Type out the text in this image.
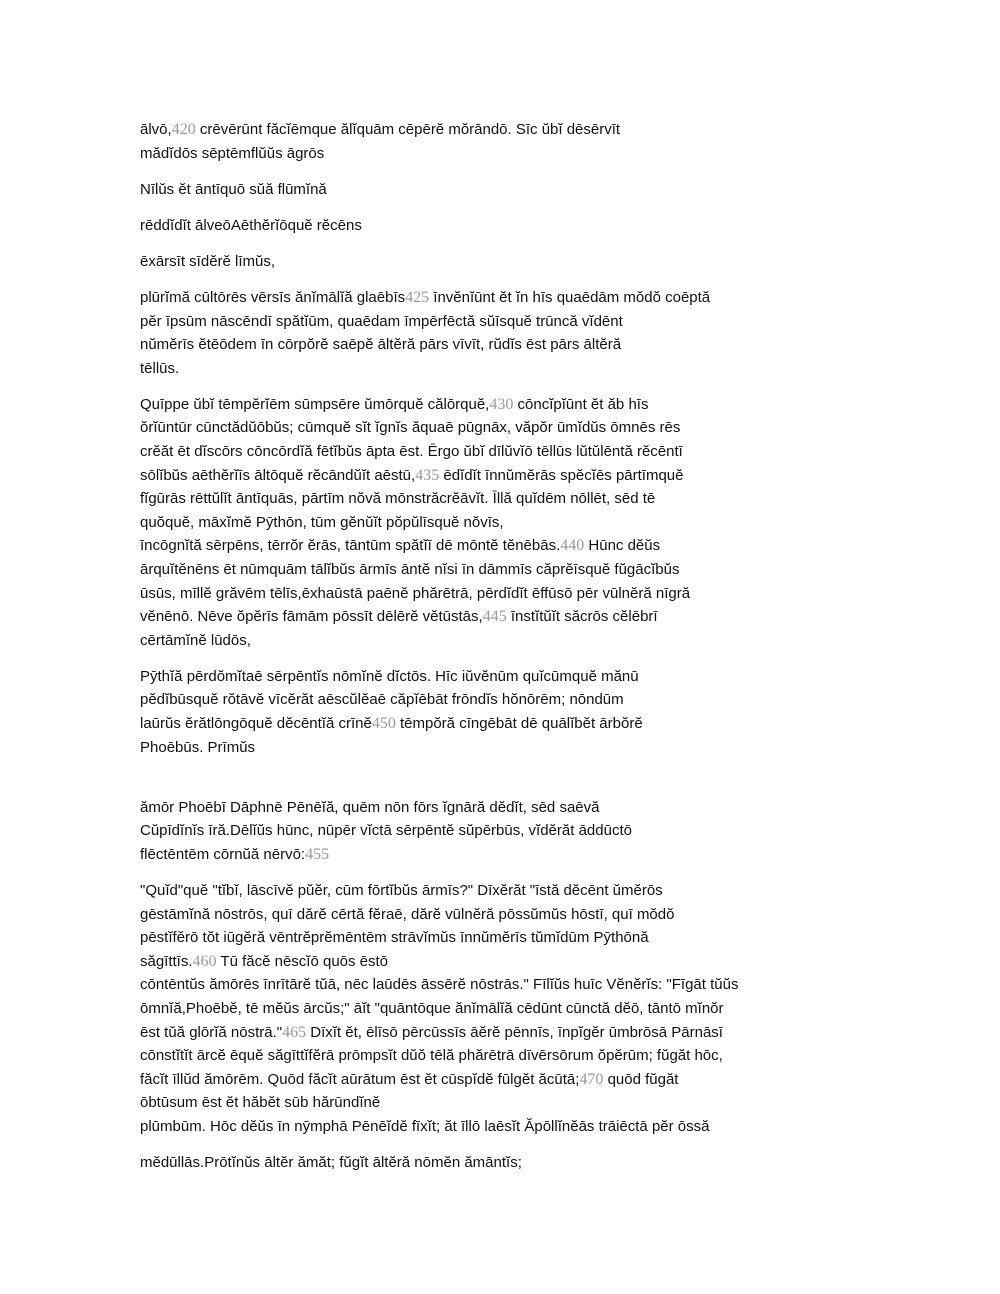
ālvō,420 crēvērūnt făcĭēmque ălĭquām cēpērĕ mŏrāndō. Sīc ŭbĭ dēsērvīt
mădĭdōs sēptēmflŭŭs āgrōs
Nīlŭs ĕt āntīquō sŭă flūmĭnă
rēddĭdĭt ālveōAēthĕrĭōquĕ rĕcēns
ēxārsīt sīdĕrĕ līmŭs,
plūrĭmă cūltōrēs vērsīs ănĭmālĭă glaēbīs425 īnvĕnĭūnt ĕt ĭn hīs quaēdām mŏdŏ coēptă
pĕr īpsūm nāscēndī spătĭūm, quaēdam īmpērfēctă sŭīsquĕ trūncă vĭdēnt
nŭmĕrīs ĕtēōdem īn cōrpŏrĕ saēpĕ āltĕră pārs vīvīt, rŭdĭs ēst pārs āltĕră
tēllūs.
Quīppe ŭbĭ tēmpĕrĭēm sūmpsēre ŭmōrquĕ călōrquĕ,430 cōncĭpĭūnt ĕt ăb hīs
ŏrĭūntūr cūnctădŭōbŭs; cūmquĕ sĭt ĭgnĭs ăquaē pūgnāx, văpŏr ūmĭdŭs ōmnēs rēs
crĕăt ēt dĭscōrs cōncōrdĭă fētĭbŭs āpta ēst. Ērgo ŭbĭ dīlŭvĭō tēllūs lŭtŭlēntă rĕcēntī
sōlĭbŭs aēthĕrĭīs āltōquĕ rĕcāndŭĭt aēstū,435 ēdĭdĭt īnnŭmĕrās spĕcĭēs pārtīmquĕ
fĭgūrās rēttŭlĭt āntīquās, pārtīm nŏvă mōnstrăcrĕāvĭt. Īllă quĭdēm nōllēt, sēd tē
quŏquĕ, māxĭmĕ Pȳthōn, tūm gĕnŭĭt pŏpŭlīsquĕ nŏvīs,
īncōgnĭtă sērpēns, tērrŏr ĕrās, tāntūm spătĭī dē mōntĕ tĕnēbās.440 Hūnc dĕŭs
ārquĭtĕnēns ēt nūmquām tālĭbŭs ārmīs āntĕ nĭsi īn dāmmīs căprĕīsquĕ fŭgācĭbŭs
ūsūs, mīllĕ grăvēm tēlīs,ēxhaūstā paēnĕ phărētrā, pērdĭdĭt ēffūsō pēr vūlnĕră nīgră
vĕnēnō. Nēve ŏpĕrīs fāmām pōssīt dēlērĕ vĕtūstās,445 īnstĭtŭĭt săcrōs cĕlēbrī
cērtāmĭnĕ lūdōs,
Pȳthĭă pērdŏmĭtaē sērpēntĭs nōmĭnĕ dĭctōs. Hīc iŭvĕnūm quĭcūmquĕ mănū
pĕdĭbūsquĕ rŏtāvĕ vīcĕrăt aēscŭlĕaē căpĭēbāt frōndĭs hŏnōrēm; nōndūm
laūrŭs ĕrătlōngōquĕ dĕcēntĭă crīnĕ450 tēmpŏră cīngēbāt dē quālĭbĕt ārbŏrĕ
Phoēbūs. Prīmŭs
ămōr Phoēbī Dāphnē Pēnēĭă, quēm nōn fōrs ĭgnāră dĕdĭt, sēd saēvă
Cŭpīdĭnĭs īră.Dēlĭŭs hūnc, nūpēr vĭctā sērpēntĕ sŭpērbūs, vĭdĕrăt āddūctō
flēctēntēm cōrnŭă nērvō:455
"Quĭd"quĕ "tĭbĭ, lāscīvĕ pŭĕr, cūm fōrtĭbŭs ārmīs?" Dīxĕrăt "īstă dĕcēnt ŭmĕrōs
gēstāmĭnă nōstrōs, quī dărĕ cērtă fĕraē, dărĕ vūlnĕră pōssŭmŭs hōstī, quī mŏdŏ
pēstĭfĕrō tŏt iūgĕră vēntrĕprĕmēntēm strāvĭmŭs īnnŭmĕrīs tŭmĭdūm Pȳthōnă
săgīttīs.460 Tū făcĕ nēscĭō quōs ēstō
cōntēntŭs ămōrēs īnrītārĕ tŭā, nēc laūdēs āssērĕ nōstrās." Fīlĭŭs huīc Vĕnĕrĭs: "Fīgāt tŭŭs
ōmnĭă,Phoēbĕ, tē mĕŭs ārcŭs;" āĭt "quāntōque ănĭmālĭă cēdūnt cūnctă dĕō, tāntō mĭnŏr
ēst tŭă glōrĭă nōstrā."465 Dīxĭt ĕt, ēlīsō pērcūssīs āĕrĕ pēnnīs, īnpĭgĕr ūmbrōsā Pārnāsī
cōnstĭtĭt ārcĕ ēquĕ săgīttĭfĕrā prōmpsĭt dŭŏ tēlă phărētrā dīvērsōrum ŏpĕrūm; fŭgăt hōc,
făcĭt īllŭd ămōrēm. Quōd făcĭt aūrātum ēst ĕt cūspĭdĕ fūlgĕt ăcūtā;470 quōd fŭgăt
ōbtūsum ēst ĕt hăbĕt sūb hărūndĭnĕ
plūmbūm. Hōc dĕŭs īn nȳmphā Pēnēĭdĕ fīxĭt; ăt īllō laēsĭt Ăpōllĭnĕās trāiēctā pĕr ōssă
mĕdūllās.Prōtĭnŭs āltĕr ămăt; fŭgĭt āltĕră nōmĕn ămāntĭs;
